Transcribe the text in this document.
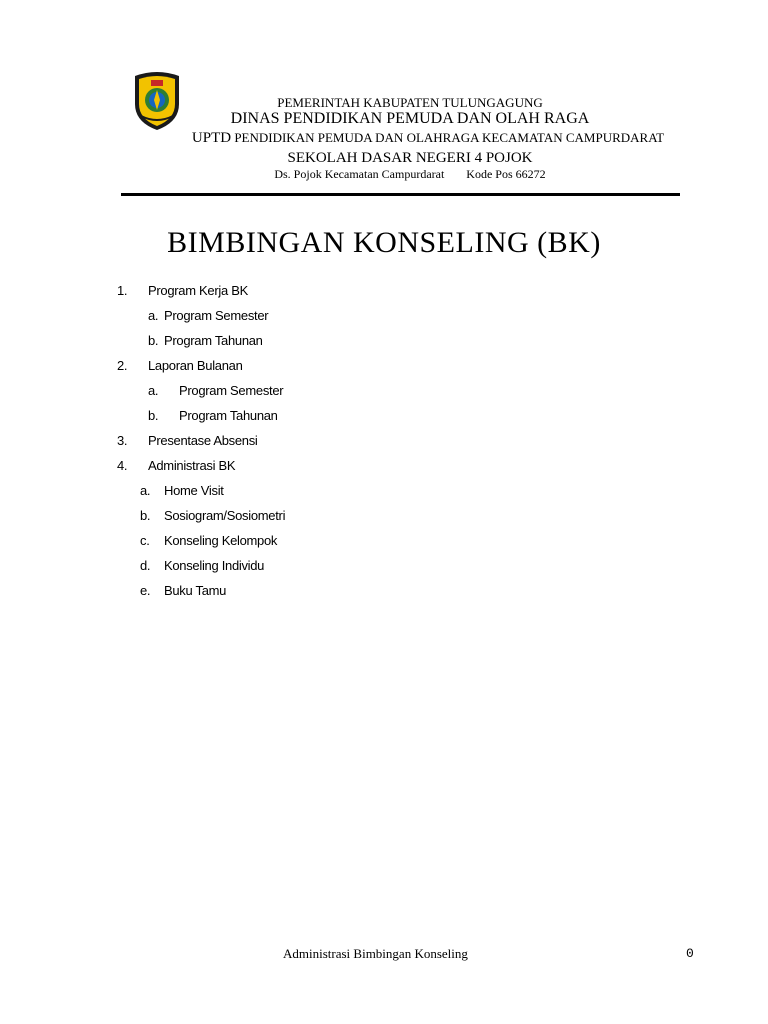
PEMERINTAH KABUPATEN TULUNGAGUNG
DINAS PENDIDIKAN PEMUDA DAN OLAH RAGA
UPTD PENDIDIKAN PEMUDA DAN OLAHRAGA KECAMATAN CAMPURDARAT
SEKOLAH DASAR NEGERI 4 POJOK
Ds. Pojok Kecamatan Campurdarat Kode Pos 66272
BIMBINGAN KONSELING (BK)
1. Program Kerja BK
a. Program Semester
b. Program Tahunan
2. Laporan Bulanan
a. Program Semester
b. Program Tahunan
3. Presentase Absensi
4. Administrasi BK
a. Home Visit
b. Sosiogram/Sosiometri
c. Konseling Kelompok
d. Konseling Individu
e. Buku Tamu
Administrasi Bimbingan Konseling	0
